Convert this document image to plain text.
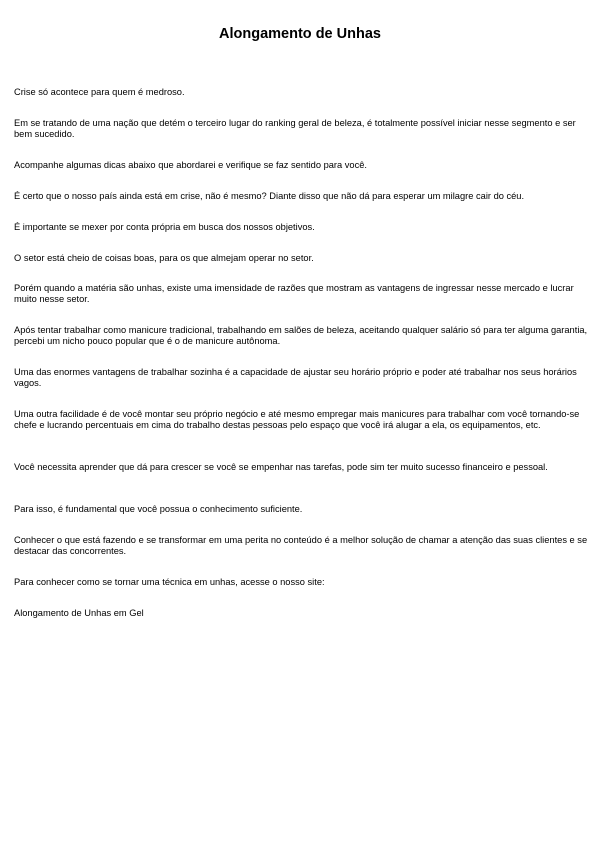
Alongamento de Unhas

Crise só acontece para quem é medroso.

Em se tratando de uma nação que detém o terceiro lugar do ranking geral de beleza, é totalmente possível iniciar nesse segmento e ser bem sucedido.

Acompanhe algumas dicas abaixo que abordarei e verifique se faz sentido para você.

É certo que o nosso país ainda está em crise, não é mesmo? Diante disso que não dá para esperar um milagre cair do céu.

É importante se mexer por conta própria em busca dos nossos objetivos.

O setor está cheio de coisas boas, para os que almejam operar no setor.

Porém quando a matéria são unhas, existe uma imensidade de razões que mostram as vantagens de ingressar nesse mercado e lucrar muito nesse setor.

Após tentar trabalhar como manicure tradicional, trabalhando em salões de beleza, aceitando qualquer salário só para ter alguma garantia, percebi um nicho pouco popular que é o de manicure autônoma.

Uma das enormes vantagens de trabalhar sozinha é a capacidade de ajustar seu horário próprio e poder até trabalhar nos seus horários vagos.

Uma outra facilidade é de você montar seu próprio negócio e até mesmo empregar mais manicures para trabalhar com você tornando-se chefe e lucrando percentuais em cima do trabalho destas pessoas pelo espaço que você irá alugar a ela, os equipamentos, etc.

Você necessita aprender que dá para crescer se você se empenhar nas tarefas, pode sim ter muito sucesso financeiro e pessoal.

Para isso, é fundamental que você possua o conhecimento suficiente.

Conhecer o que está fazendo e se transformar em uma perita no conteúdo é a melhor solução de chamar a atenção das suas clientes e se destacar das concorrentes.

Para conhecer como se tornar uma técnica em unhas, acesse o nosso site:

Alongamento de Unhas em Gel
